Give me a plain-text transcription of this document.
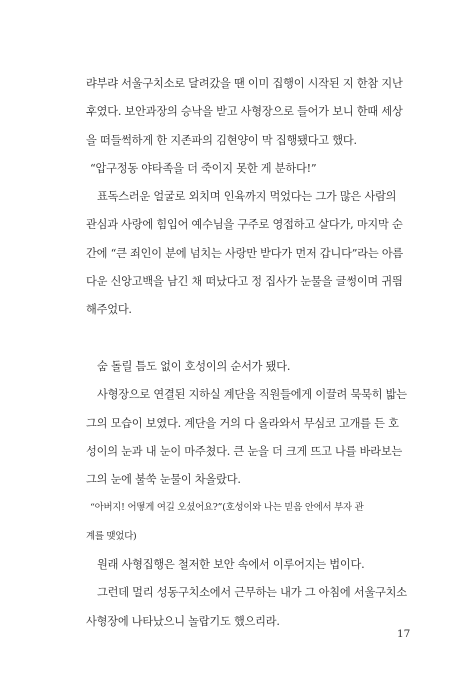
랴부랴 서울구치소로 달려갔을 땐 이미 집행이 시작된 지 한참 지난
후였다. 보안과장의 승낙을 받고 사형장으로 들어가 보니 한때 세상
을 떠들썩하게 한 지존파의 김현양이 막 집행됐다고 했다.
“압구정동 야타족을 더 죽이지 못한 게 분하다!”
표독스러운 얼굴로 외치며 인육까지 먹었다는 그가 많은 사람의
관심과 사랑에 힘입어 예수님을 구주로 영접하고 살다가, 마지막 순
간에 “큰 죄인이 분에 넘치는 사랑만 받다가 먼저 갑니다”라는 아름
다운 신앙고백을 남긴 채 떠났다고 정 집사가 눈물을 글썽이며 귀띔
해주었다.
숨 돌릴 틈도 없이 호성이의 순서가 됐다.
사형장으로 연결된 지하실 계단을 직원들에게 이끌려 묵묵히 밟는
그의 모습이 보였다. 계단을 거의 다 올라와서 무심코 고개를 든 호
성이의 눈과 내 눈이 마주쳤다. 큰 눈을 더 크게 뜨고 나를 바라보는
그의 눈에 불쑥 눈물이 차올랐다.
“아버지! 어떻게 여길 오셨어요?”(호성이와 나는 믿음 안에서 부자 관
계를 맺었다)
원래 사형집행은 철저한 보안 속에서 이루어지는 법이다.
그런데 멀리 성동구치소에서 근무하는 내가 그 아침에 서울구치소
사형장에 나타났으니 놀랍기도 했으리라.
17
